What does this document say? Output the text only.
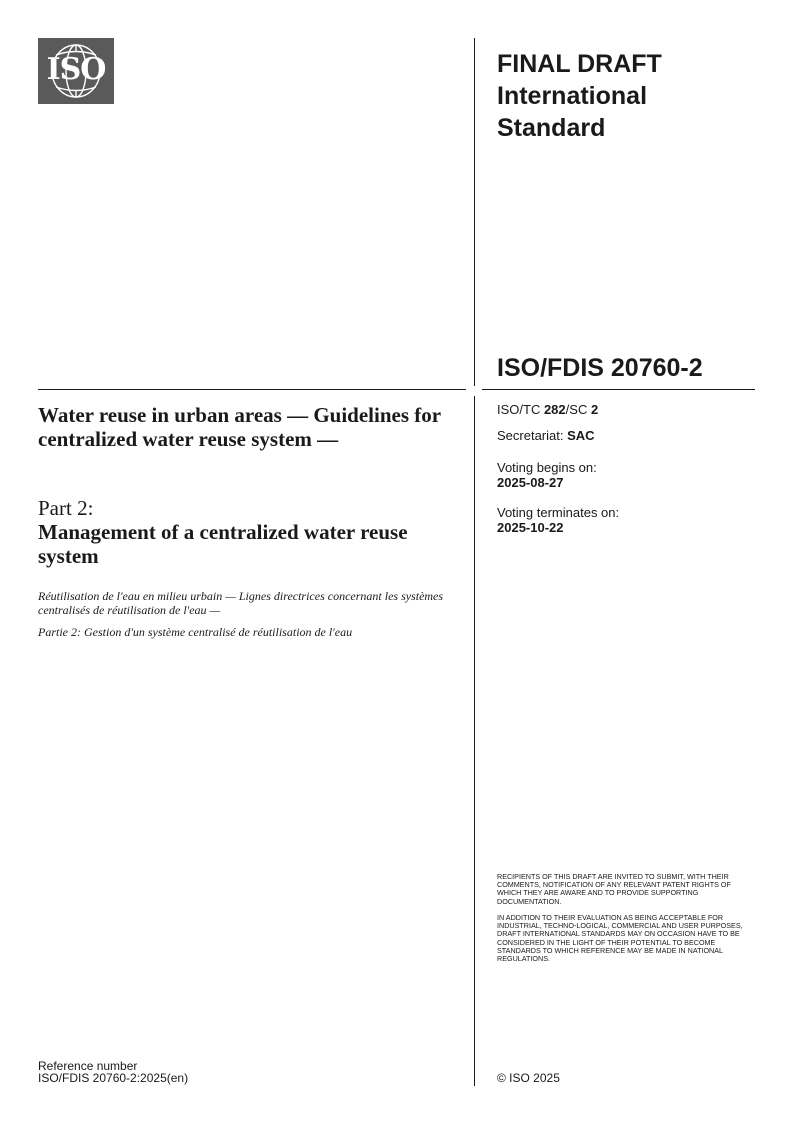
ISO	FINAL DRAFT
International
Standard
ISO/FDIS 20760-2
ISO/TC 282/SC 2
Secretariat: SAC
Voting begins on:
2025-08-27
Voting terminates on:
2025-10-22
Water reuse in urban areas — Guidelines for centralized water reuse system —
Part 2:
Management of a centralized water reuse system
Réutilisation de l'eau en milieu urbain — Lignes directrices concernant les systèmes centralisés de réutilisation de l'eau —
Partie 2: Gestion d'un système centralisé de réutilisation de l'eau
RECIPIENTS OF THIS DRAFT ARE INVITED TO SUBMIT, WITH THEIR COMMENTS, NOTIFICATION OF ANY RELEVANT PATENT RIGHTS OF WHICH THEY ARE AWARE AND TO PROVIDE SUPPORTING DOCUMENTATION.
IN ADDITION TO THEIR EVALUATION AS BEING ACCEPTABLE FOR INDUSTRIAL, TECHNO-LOGICAL, COMMERCIAL AND USER PURPOSES, DRAFT INTERNATIONAL STANDARDS MAY ON OCCASION HAVE TO BE CONSIDERED IN THE LIGHT OF THEIR POTENTIAL TO BECOME STANDARDS TO WHICH REFERENCE MAY BE MADE IN NATIONAL REGULATIONS.
Reference number
ISO/FDIS 20760-2:2025(en)	© ISO 2025
